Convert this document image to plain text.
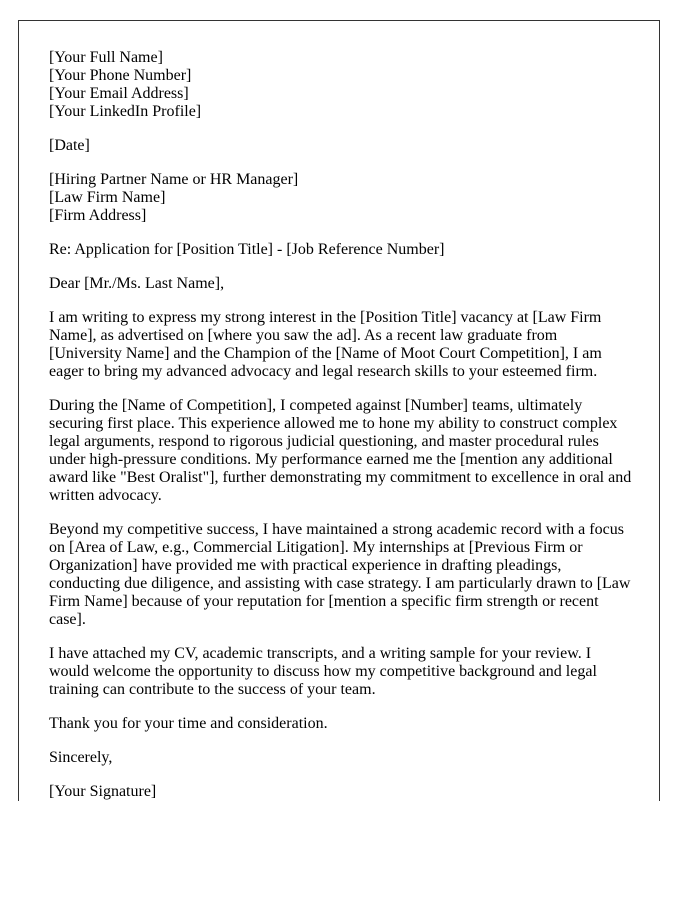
[Your Full Name]
[Your Phone Number]
[Your Email Address]
[Your LinkedIn Profile]
[Date]
[Hiring Partner Name or HR Manager]
[Law Firm Name]
[Firm Address]
Re: Application for [Position Title] - [Job Reference Number]
Dear [Mr./Ms. Last Name],
I am writing to express my strong interest in the [Position Title] vacancy at [Law Firm
Name], as advertised on [where you saw the ad]. As a recent law graduate from
[University Name] and the Champion of the [Name of Moot Court Competition], I am
eager to bring my advanced advocacy and legal research skills to your esteemed firm.
During the [Name of Competition], I competed against [Number] teams, ultimately
securing first place. This experience allowed me to hone my ability to construct complex
legal arguments, respond to rigorous judicial questioning, and master procedural rules
under high-pressure conditions. My performance earned me the [mention any additional
award like "Best Oralist"], further demonstrating my commitment to excellence in oral and
written advocacy.
Beyond my competitive success, I have maintained a strong academic record with a focus
on [Area of Law, e.g., Commercial Litigation]. My internships at [Previous Firm or
Organization] have provided me with practical experience in drafting pleadings,
conducting due diligence, and assisting with case strategy. I am particularly drawn to [Law
Firm Name] because of your reputation for [mention a specific firm strength or recent
case].
I have attached my CV, academic transcripts, and a writing sample for your review. I
would welcome the opportunity to discuss how my competitive background and legal
training can contribute to the success of your team.
Thank you for your time and consideration.
Sincerely,
[Your Signature]
